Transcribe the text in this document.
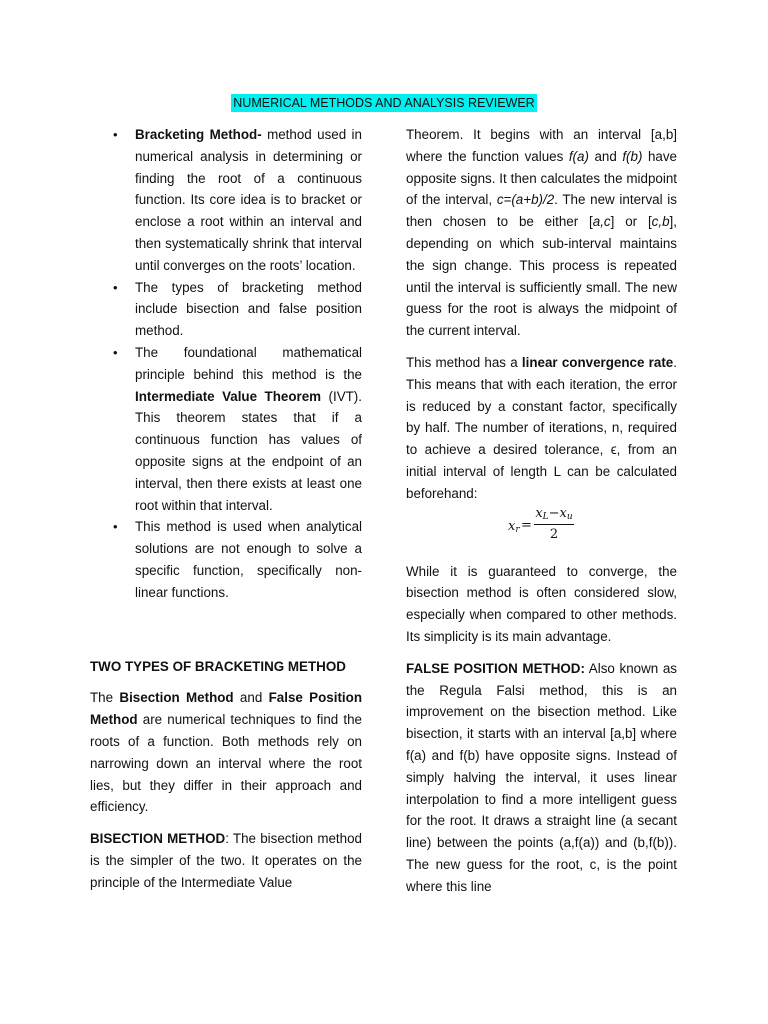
NUMERICAL METHODS AND ANALYSIS REVIEWER
• Bracketing Method- method used in numerical analysis in determining or finding the root of a continuous function. Its core idea is to bracket or enclose a root within an interval and then systematically shrink that interval until converges on the roots’ location.
• The types of bracketing method include bisection and false position method.
• The foundational mathematical principle behind this method is the Intermediate Value Theorem (IVT). This theorem states that if a continuous function has values of opposite signs at the endpoint of an interval, then there exists at least one root within that interval.
• This method is used when analytical solutions are not enough to solve a specific function, specifically non-linear functions.

TWO TYPES OF BRACKETING METHOD

The Bisection Method and False Position Method are numerical techniques to find the roots of a function. Both methods rely on narrowing down an interval where the root lies, but they differ in their approach and efficiency.

BISECTION METHOD: The bisection method is the simpler of the two. It operates on the principle of the Intermediate Value

Theorem. It begins with an interval [a,b] where the function values f(a) and f(b) have opposite signs. It then calculates the midpoint of the interval, c=(a+b)/2. The new interval is then chosen to be either [a,c] or [c,b], depending on which sub-interval maintains the sign change. This process is repeated until the interval is sufficiently small. The new guess for the root is always the midpoint of the current interval.

This method has a linear convergence rate. This means that with each iteration, the error is reduced by a constant factor, specifically by half. The number of iterations, n, required to achieve a desired tolerance, ϵ, from an initial interval of length L can be calculated beforehand:

$x_r$ =
$x_L-x_u$
2

While it is guaranteed to converge, the bisection method is often considered slow, especially when compared to other methods. Its simplicity is its main advantage.

FALSE POSITION METHOD: Also known as the Regula Falsi method, this is an improvement on the bisection method. Like bisection, it starts with an interval [a,b] where f(a) and f(b) have opposite signs. Instead of simply halving the interval, it uses linear interpolation to find a more intelligent guess for the root. It draws a straight line (a secant line) between the points (a,f(a)) and (b,f(b)). The new guess for the root, c, is the point where this line
